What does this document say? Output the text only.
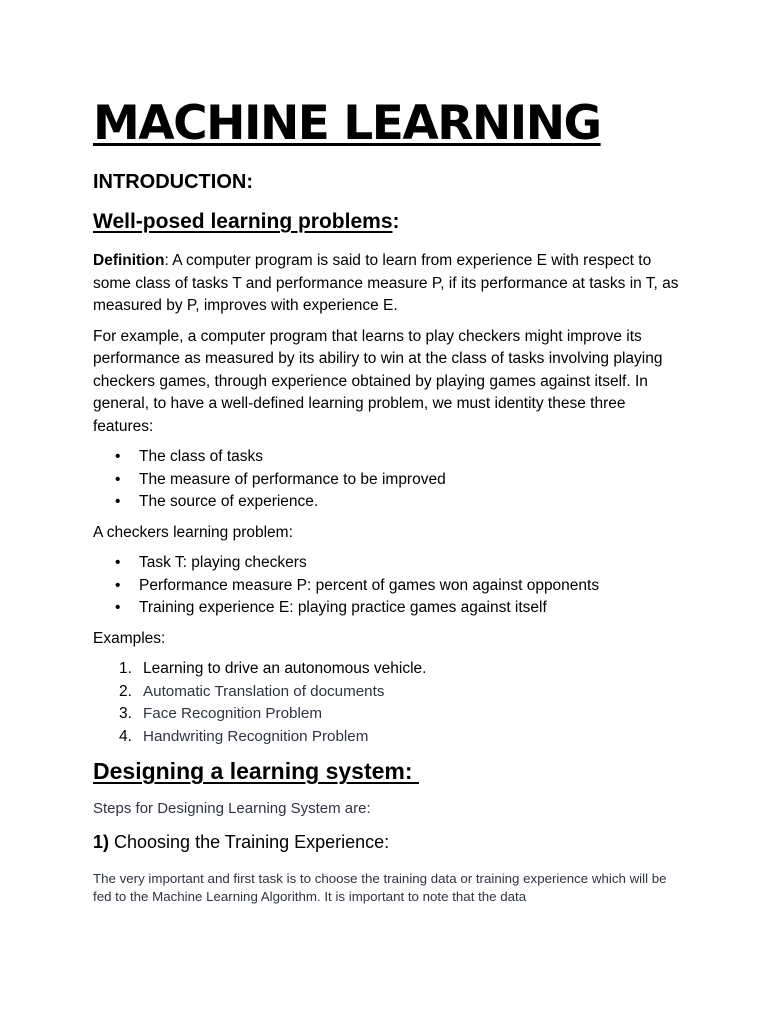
MACHINE LEARNING
INTRODUCTION:
Well-posed learning problems:

Definition: A computer program is said to learn from experience E with respect to some class of tasks T and performance measure P, if its performance at tasks in T, as measured by P, improves with experience E.

For example, a computer program that learns to play checkers might improve its performance as measured by its abiliry to win at the class of tasks involving playing checkers games, through experience obtained by playing games against itself. In general, to have a well-defined learning problem, we must identity these three features:

• The class of tasks
• The measure of performance to be improved
• The source of experience.

A checkers learning problem:

• Task T: playing checkers
• Performance measure P: percent of games won against opponents
• Training experience E: playing practice games against itself

Examples:

1. Learning to drive an autonomous vehicle.
2. Automatic Translation of documents
3. Face Recognition Problem
4. Handwriting Recognition Problem
Designing a learning system:

Steps for Designing Learning System are:

1) Choosing the Training Experience:

The very important and first task is to choose the training data or training experience which will be fed to the Machine Learning Algorithm. It is important to note that the data
